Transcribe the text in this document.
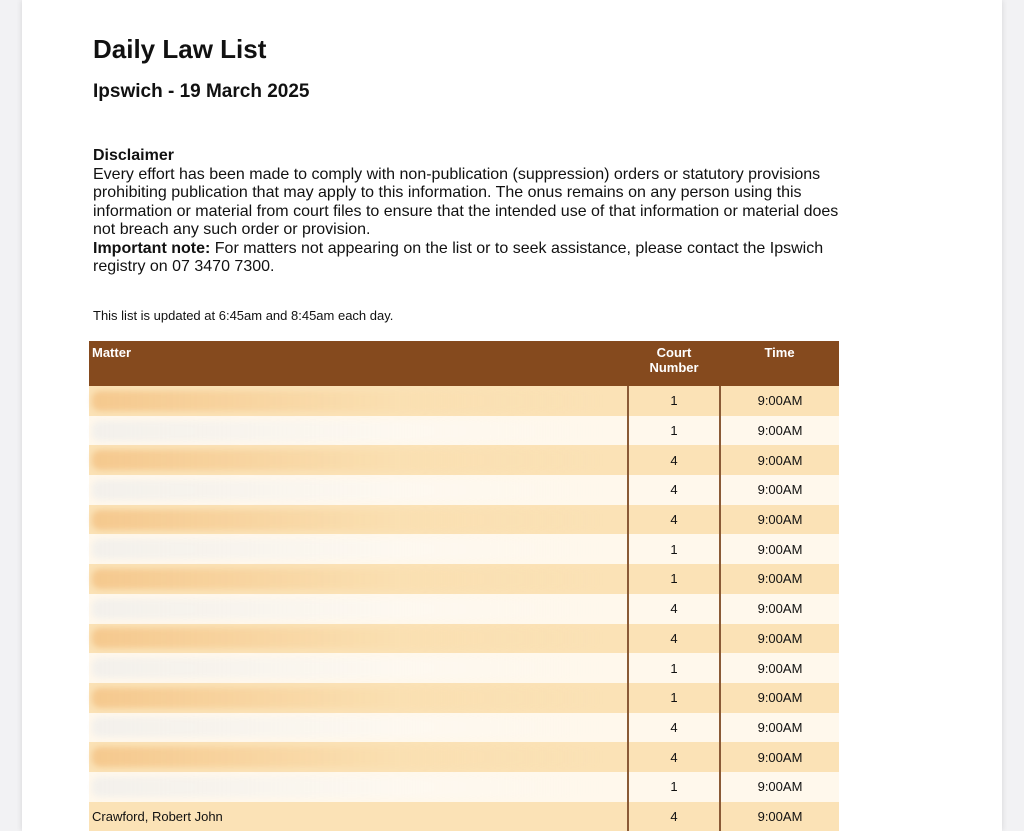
Daily Law List
Ipswich - 19 March 2025
Disclaimer
Every effort has been made to comply with non-publication (suppression) orders or statutory provisions prohibiting publication that may apply to this information. The onus remains on any person using this information or material from court files to ensure that the intended use of that information or material does not breach any such order or provision.
Important note: For matters not appearing on the list or to seek assistance, please contact the Ipswich registry on 07 3470 7300.
This list is updated at 6:45am and 8:45am each day.
Matter	Court Number	Time

	1	9:00AM

	1	9:00AM

	4	9:00AM

	4	9:00AM

	4	9:00AM

	1	9:00AM

	1	9:00AM

	4	9:00AM

	4	9:00AM

	1	9:00AM

	1	9:00AM

	4	9:00AM

	4	9:00AM

	1	9:00AM
Crawford, Robert John	4	9:00AM
